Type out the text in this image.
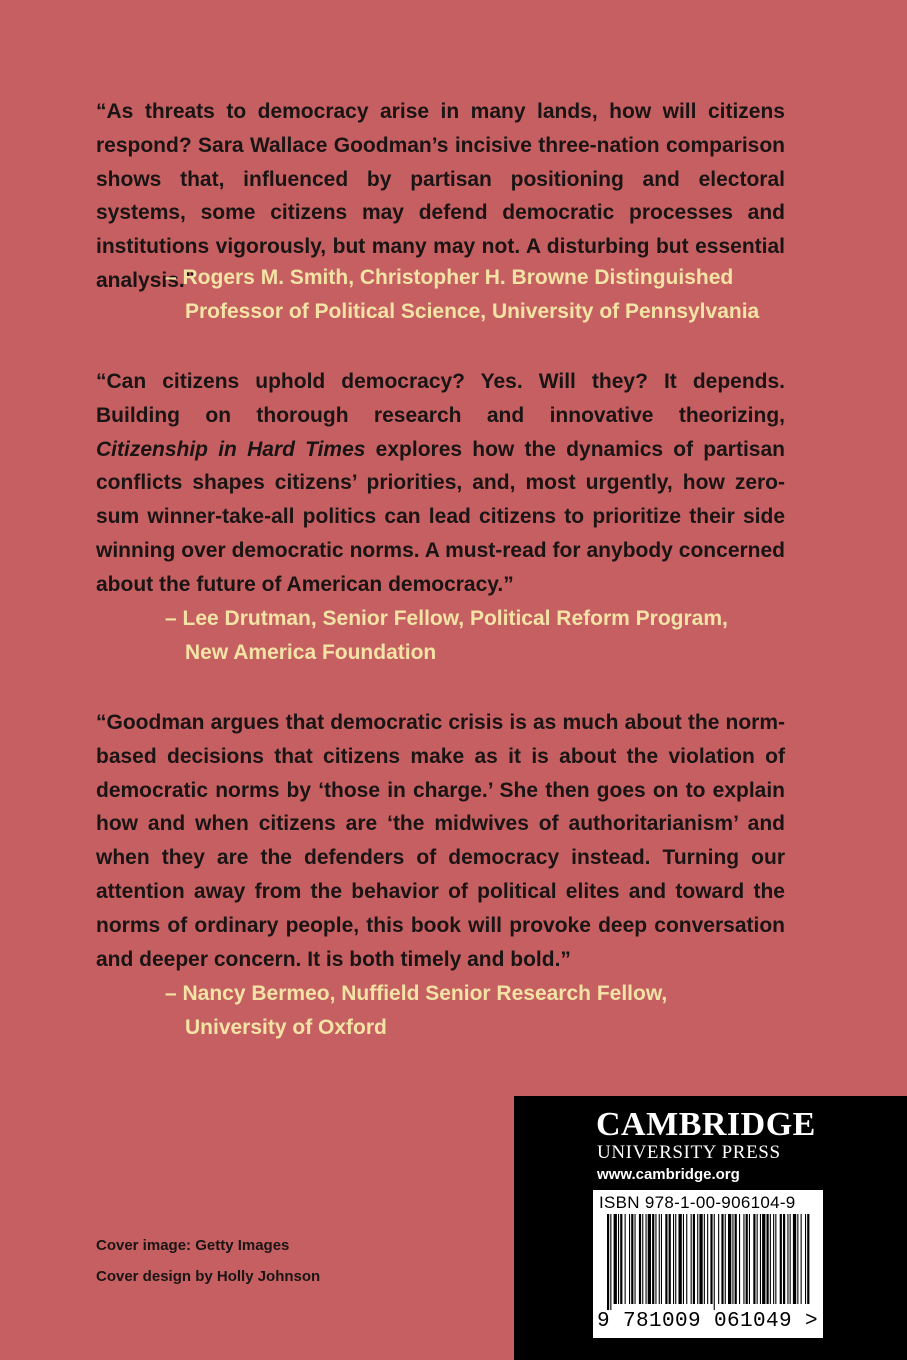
“As threats to democracy arise in many lands, how will citizens respond? Sara Wallace Goodman’s incisive three-nation comparison shows that, influenced by partisan positioning and electoral systems, some citizens may defend democratic processes and institutions vigorously, but many may not. A disturbing but essential analysis.”

– Rogers M. Smith, Christopher H. Browne Distinguished
Professor of Political Science, University of Pennsylvania

“Can citizens uphold democracy? Yes. Will they? It depends. Building on thorough research and innovative theorizing, Citizenship in Hard Times explores how the dynamics of partisan conflicts shapes citizens’ priorities, and, most urgently, how zero-sum winner-take-all politics can lead citizens to prioritize their side winning over democratic norms. A must-read for anybody concerned about the future of American democracy.”

– Lee Drutman, Senior Fellow, Political Reform Program,
New America Foundation

“Goodman argues that democratic crisis is as much about the norm-based decisions that citizens make as it is about the violation of democratic norms by ‘those in charge.’ She then goes on to explain how and when citizens are ‘the midwives of authoritarianism’ and when they are the defenders of democracy instead. Turning our attention away from the behavior of political elites and toward the norms of ordinary people, this book will provoke deep conversation and deeper concern. It is both timely and bold.”

– Nancy Bermeo, Nuffield Senior Research Fellow,
University of Oxford
Cover image: Getty Images
Cover design by Holly Johnson
CAMBRIDGE
UNIVERSITY PRESS
www.cambridge.org
ISBN 978-1-00-906104-9
9 781009 061049 >
